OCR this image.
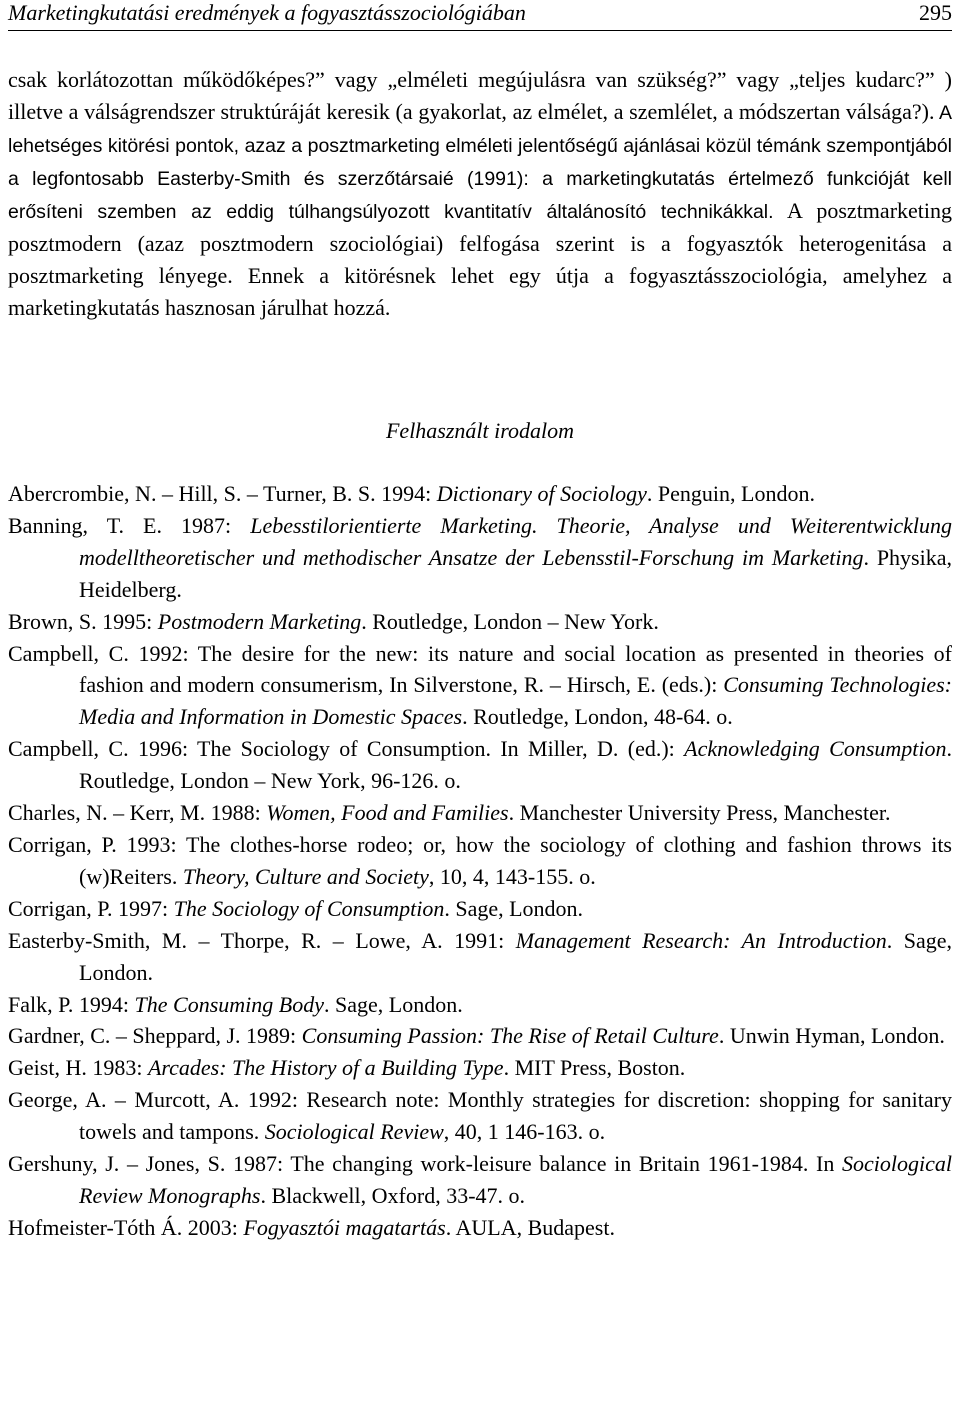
Marketingkutatási eredmények a fogyasztásszociológiában	295
csak korlátozottan működőképes?” vagy „elméleti megújulásra van szükség?” vagy „teljes kudarc?” ) illetve a válságrendszer struktúráját keresik (a gyakorlat, az elmélet, a szemlélet, a módszertan válsága?). A lehetséges kitörési pontok, azaz a posztmarketing elméleti jelentőségű ajánlásai közül témánk szempontjából a legfontosabb Easterby-Smith és szerzőtársaié (1991): a marketingkutatás értelmező funkcióját kell erősíteni szemben az eddig túlhangsúlyozott kvantitatív általánosító technikákkal. A posztmarketing posztmodern (azaz posztmodern szociológiai) felfogása szerint is a fogyasztók heterogenitása a posztmarketing lényege. Ennek a kitörésnek lehet egy útja a fogyasztásszociológia, amelyhez a marketingkutatás hasznosan járulhat hozzá.
Felhasznált irodalom

Abercrombie, N. – Hill, S. – Turner, B. S. 1994: Dictionary of Sociology. Penguin, London.

Banning, T. E. 1987: Lebesstilorientierte Marketing. Theorie, Analyse und Weiterentwicklung modelltheoretischer und methodischer Ansatze der Lebensstil-Forschung im Marketing. Physika, Heidelberg.

Brown, S. 1995: Postmodern Marketing. Routledge, London – New York.

Campbell, C. 1992: The desire for the new: its nature and social location as presented in theories of fashion and modern consumerism, In Silverstone, R. – Hirsch, E. (eds.): Consuming Technologies: Media and Information in Domestic Spaces. Routledge, London, 48-64. o.

Campbell, C. 1996: The Sociology of Consumption. In Miller, D. (ed.): Acknowledging Consumption. Routledge, London – New York, 96-126. o.

Charles, N. – Kerr, M. 1988: Women, Food and Families. Manchester University Press, Manchester.

Corrigan, P. 1993: The clothes-horse rodeo; or, how the sociology of clothing and fashion throws its (w)Reiters. Theory, Culture and Society, 10, 4, 143-155. o.

Corrigan, P. 1997: The Sociology of Consumption. Sage, London.

Easterby-Smith, M. – Thorpe, R. – Lowe, A. 1991: Management Research: An Introduction. Sage, London.

Falk, P. 1994: The Consuming Body. Sage, London.

Gardner, C. – Sheppard, J. 1989: Consuming Passion: The Rise of Retail Culture. Unwin Hyman, London.

Geist, H. 1983: Arcades: The History of a Building Type. MIT Press, Boston.

George, A. – Murcott, A. 1992: Research note: Monthly strategies for discretion: shopping for sanitary towels and tampons. Sociological Review, 40, 1 146-163. o.

Gershuny, J. – Jones, S. 1987: The changing work-leisure balance in Britain 1961-1984. In Sociological Review Monographs. Blackwell, Oxford, 33-47. o.

Hofmeister-Tóth Á. 2003: Fogyasztói magatartás. AULA, Budapest.
